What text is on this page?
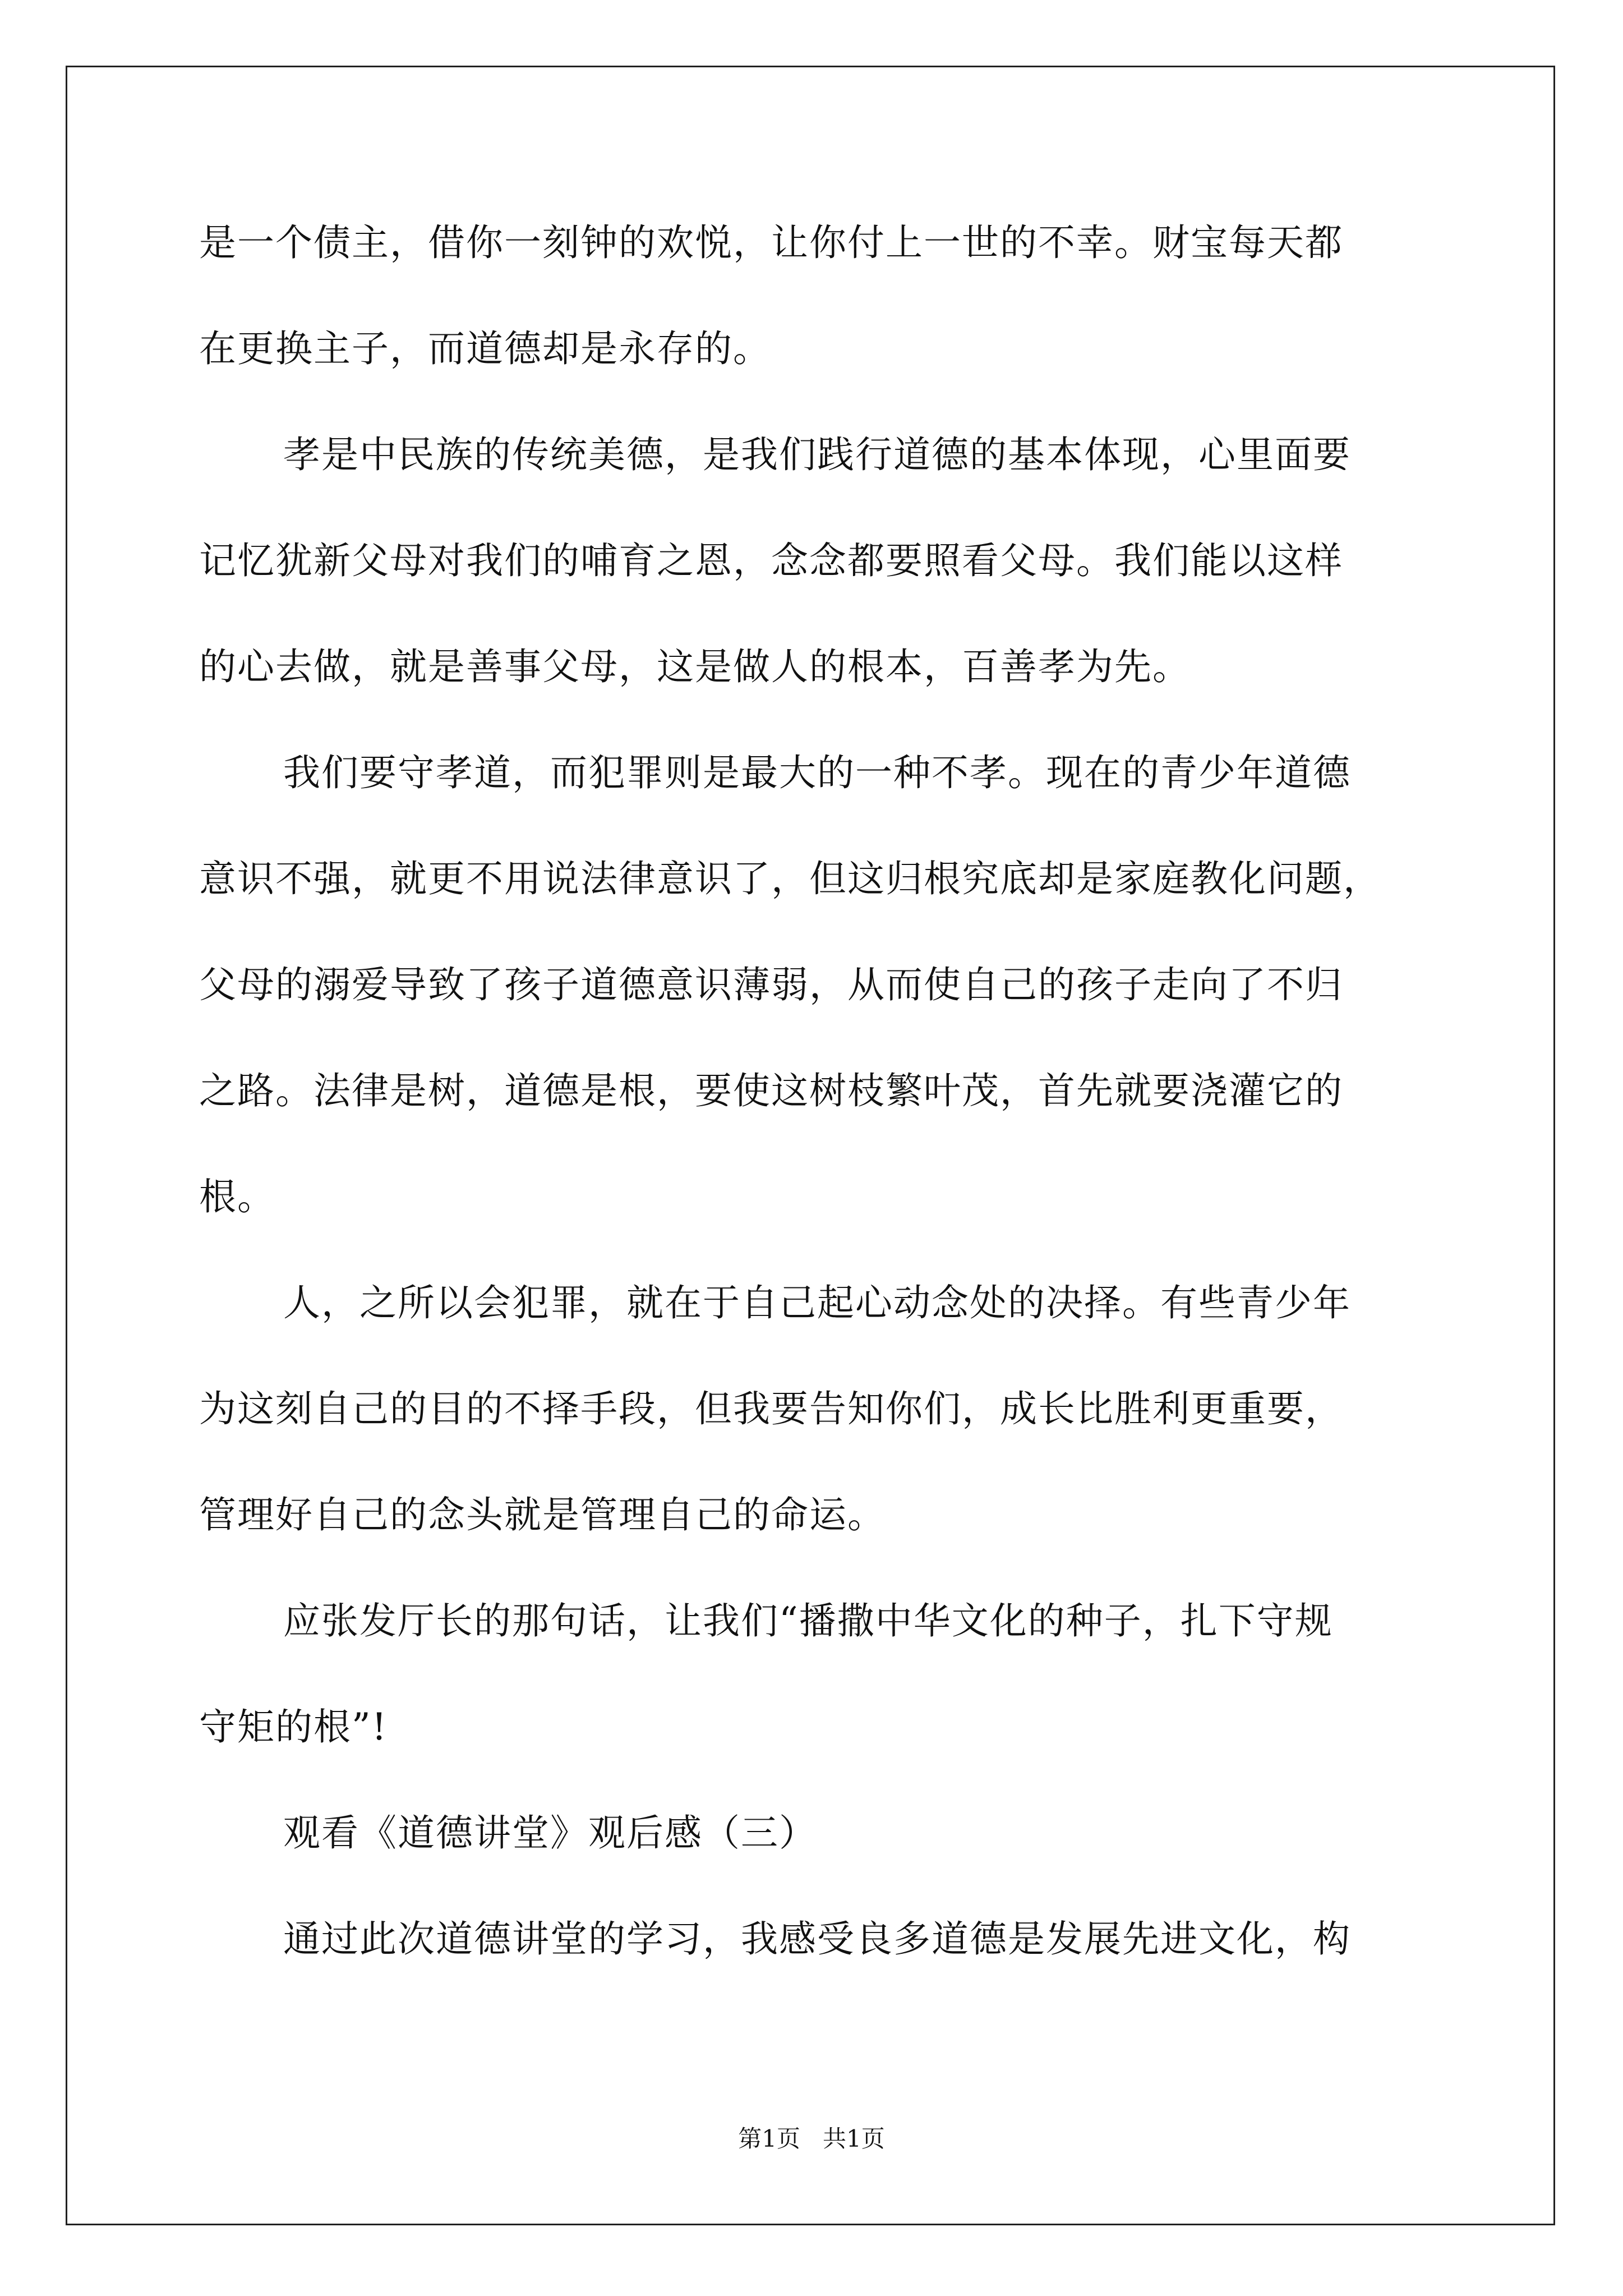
是一个债主，借你一刻钟的欢悦，让你付上一世的不幸。财宝每天都
在更换主子，而道德却是永存的。
孝是中民族的传统美德，是我们践行道德的基本体现，心里面要
记忆犹新父母对我们的哺育之恩，念念都要照看父母。我们能以这样
的心去做，就是善事父母，这是做人的根本，百善孝为先。
我们要守孝道，而犯罪则是最大的一种不孝。现在的青少年道德
意识不强，就更不用说法律意识了，但这归根究底却是家庭教化问题，
父母的溺爱导致了孩子道德意识薄弱，从而使自己的孩子走向了不归
之路。法律是树，道德是根，要使这树枝繁叶茂，首先就要浇灌它的
根。
人，之所以会犯罪，就在于自己起心动念处的决择。有些青少年
为这刻自己的目的不择手段，但我要告知你们，成长比胜利更重要，
管理好自己的念头就是管理自己的命运。
应张发厅长的那句话，让我们“播撒中华文化的种子，扎下守规
守矩的根”!
观看《道德讲堂》观后感（三）
通过此次道德讲堂的学习，我感受良多道德是发展先进文化，构
第1页   共1页
